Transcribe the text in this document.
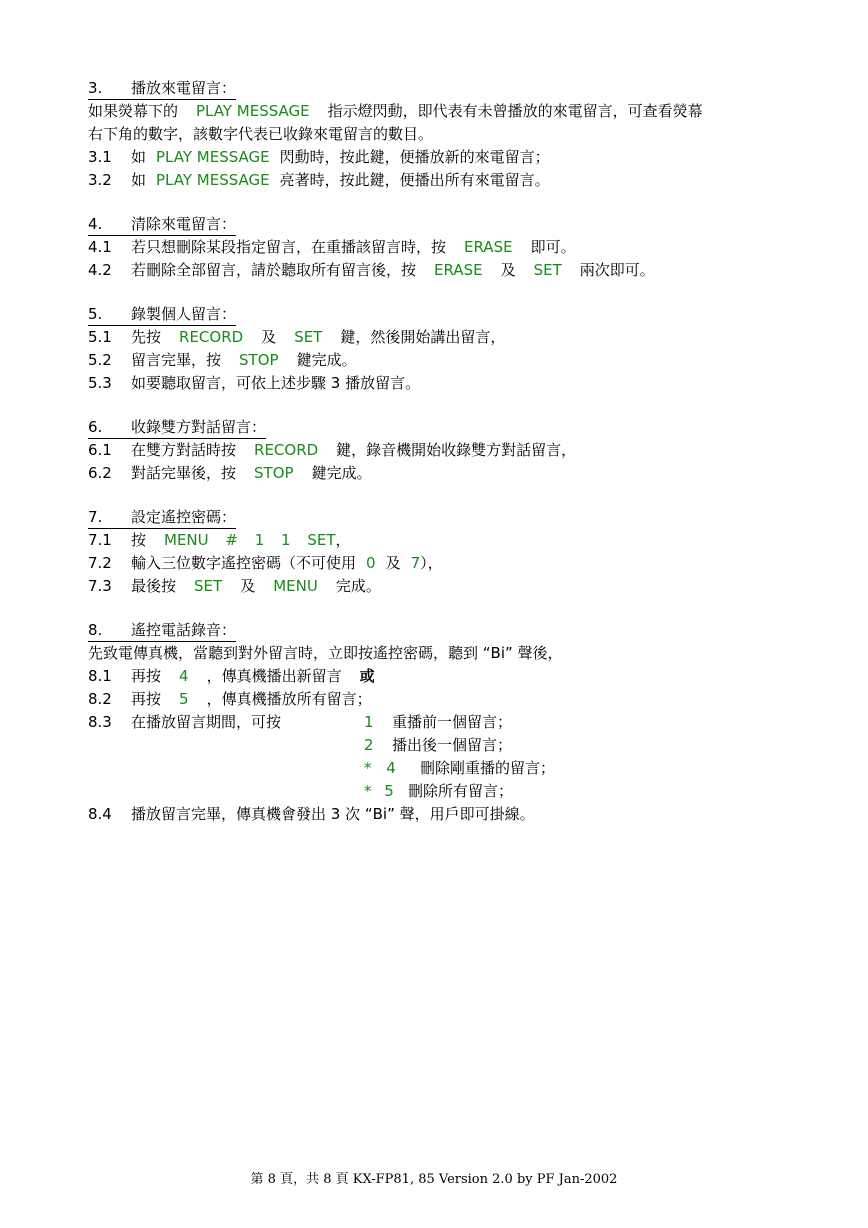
3. 播放來電留言：
如果熒幕下的 PLAY MESSAGE 指示燈閃動，即代表有未曾播放的來電留言，可查看熒幕
右下角的數字，該數字代表已收錄來電留言的數目。
3.1 如 PLAY MESSAGE 閃動時，按此鍵，便播放新的來電留言；
3.2 如 PLAY MESSAGE 亮著時，按此鍵，便播出所有來電留言。
4. 清除來電留言：
4.1 若只想刪除某段指定留言，在重播該留言時，按 ERASE 即可。
4.2 若刪除全部留言，請於聽取所有留言後，按 ERASE 及 SET 兩次即可。
5. 錄製個人留言：
5.1 先按 RECORD 及 SET 鍵，然後開始講出留言，
5.2 留言完畢，按 STOP 鍵完成。
5.3 如要聽取留言，可依上述步驟 3 播放留言。
6. 收錄雙方對話留言：
6.1 在雙方對話時按 RECORD 鍵，錄音機開始收錄雙方對話留言，
6.2 對話完畢後，按 STOP 鍵完成。
7. 設定遙控密碼：
7.1 按 MENU # 1 1 SET，
7.2 輸入三位數字遙控密碼（不可使用 0 及 7），
7.3 最後按 SET 及 MENU 完成。
8. 遙控電話錄音：
先致電傳真機，當聽到對外留言時，立即按遙控密碼，聽到 “Bi” 聲後，
8.1 再按 4 ，傳真機播出新留言 或
8.2 再按 5 ，傳真機播放所有留言；
8.3 在播放留言期間，可按	1 重播前一個留言；
2 播出後一個留言；
* 4 刪除剛重播的留言；
* 5 刪除所有留言；
8.4 播放留言完畢，傳真機會發出 3 次 “Bi” 聲，用戶即可掛線。
第 8 頁，共 8 頁 KX-FP81, 85 Version 2.0 by PF Jan-2002
